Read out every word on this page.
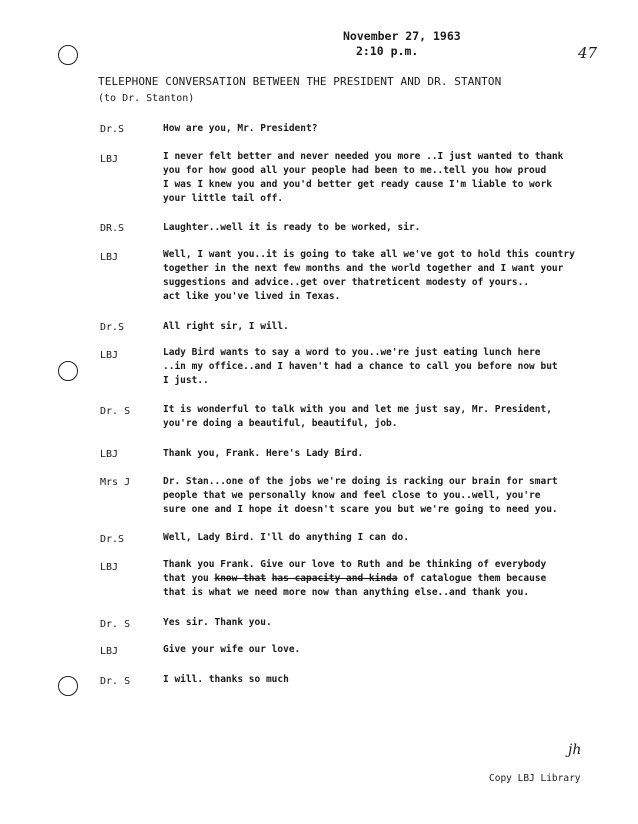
November 27, 1963
2:10 p.m.	47
TELEPHONE CONVERSATION BETWEEN THE PRESIDENT AND DR. STANTON
(to Dr. Stanton)
Dr.S	How are you, Mr. President?
LBJ	I never felt better and never needed you more ..I just wanted to thank
you for how good all your people had been to me..tell you how proud
I was I knew you and you'd better get ready cause I'm liable to work
your little tail off.
DR.S	Laughter..well it is ready to be worked, sir.
LBJ	Well, I want you..it is going to take all we've got to hold this country
together in the next few months and the world together and I want your
suggestions and advice..get over thatreticent modesty of yours..
act like you've lived in Texas.
Dr.S	All right sir, I will.
LBJ	Lady Bird wants to say a word to you..we're just eating lunch here
..in my office..and I haven't had a chance to call you before now but
I just..
Dr. S	It is wonderful to talk with you and let me just say, Mr. President,
you're doing a beautiful, beautiful, job.
LBJ	Thank you, Frank. Here's Lady Bird.
Mrs J	Dr. Stan...one of the jobs we're doing is racking our brain for smart
people that we personally know and feel close to you..well, you're
sure one and I hope it doesn't scare you but we're going to need you.
Dr.S	Well, Lady Bird. I'll do anything I can do.
LBJ	Thank you Frank. Give our love to Ruth and be thinking of everybody
that you know that has capacity and kinda of catalogue them because
that is what we need more now than anything else..and thank you.
Dr. S	Yes sir. Thank you.
LBJ	Give your wife our love.
Dr. S	I will. thanks so much
jh
Copy LBJ Library
